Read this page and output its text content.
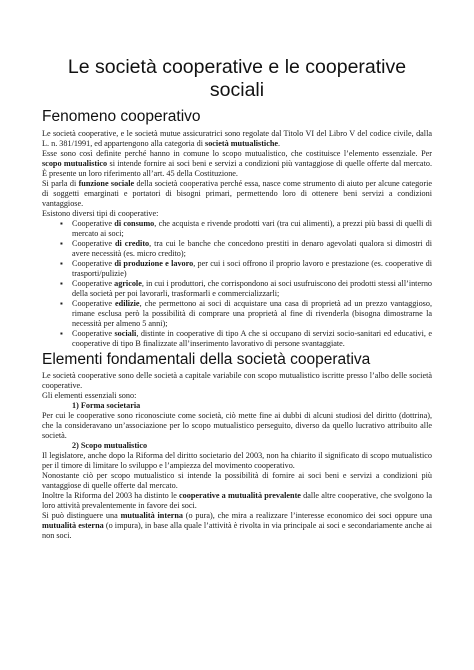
Le società cooperative e le cooperative sociali
Fenomeno cooperativo

Le società cooperative, e le società mutue assicuratrici sono regolate dal Titolo VI del Libro V del codice civile, dalla L. n. 381/1991, ed appartengono alla categoria di società mutualistiche.

Esse sono così definite perché hanno in comune lo scopo mutualistico, che costituisce l’elemento essenziale. Per scopo mutualistico si intende fornire ai soci beni e servizi a condizioni più vantaggiose di quelle offerte dal mercato. È presente un loro riferimento all’art. 45 della Costituzione.

Si parla di funzione sociale della società cooperativa perché essa, nasce come strumento di aiuto per alcune categorie di soggetti emarginati e portatori di bisogni primari, permettendo loro di ottenere beni servizi a condizioni vantaggiose.

Esistono diversi tipi di cooperative:

▪ Cooperative di consumo, che acquista e rivende prodotti vari (tra cui alimenti), a prezzi più bassi di quelli di mercato ai soci;
▪ Cooperative di credito, tra cui le banche che concedono prestiti in denaro agevolati qualora si dimostri di avere necessità (es. micro credito);
▪ Cooperative di produzione e lavoro, per cui i soci offrono il proprio lavoro e prestazione (es. cooperative di trasporti/pulizie)
▪ Cooperative agricole, in cui i produttori, che corrispondono ai soci usufruiscono dei prodotti stessi all’interno della società per poi lavorarli, trasformarli e commercializzarli;
▪ Cooperative edilizie, che permettono ai soci di acquistare una casa di proprietà ad un prezzo vantaggioso, rimane esclusa però la possibilità di comprare una proprietà al fine di rivenderla (bisogna dimostrarne la necessità per almeno 5 anni);
▪ Cooperative sociali, distinte in cooperative di tipo A che si occupano di servizi socio-sanitari ed educativi, e cooperative di tipo B finalizzate all’inserimento lavorativo di persone svantaggiate.
Elementi fondamentali della società cooperativa

Le società cooperative sono delle società a capitale variabile con scopo mutualistico iscritte presso l’albo delle società cooperative.

Gli elementi essenziali sono:

1) Forma societaria

Per cui le cooperative sono riconosciute come società, ciò mette fine ai dubbi di alcuni studiosi del diritto (dottrina), che la consideravano un’associazione per lo scopo mutualistico perseguito, diverso da quello lucrativo attribuito alle società.

2) Scopo mutualistico

Il legislatore, anche dopo la Riforma del diritto societario del 2003, non ha chiarito il significato di scopo mutualistico per il timore di limitare lo sviluppo e l’ampiezza del movimento cooperativo.

Nonostante ciò per scopo mutualistico si intende la possibilità di fornire ai soci beni e servizi a condizioni più vantaggiose di quelle offerte dal mercato.

Inoltre la Riforma del 2003 ha distinto le cooperative a mutualità prevalente dalle altre cooperative, che svolgono la loro attività prevalentemente in favore dei soci.

Si può distinguere una mutualità interna (o pura), che mira a realizzare l’interesse economico dei soci oppure una mutualità esterna (o impura), in base alla quale l’attività è rivolta in via principale ai soci e secondariamente anche ai non soci.
